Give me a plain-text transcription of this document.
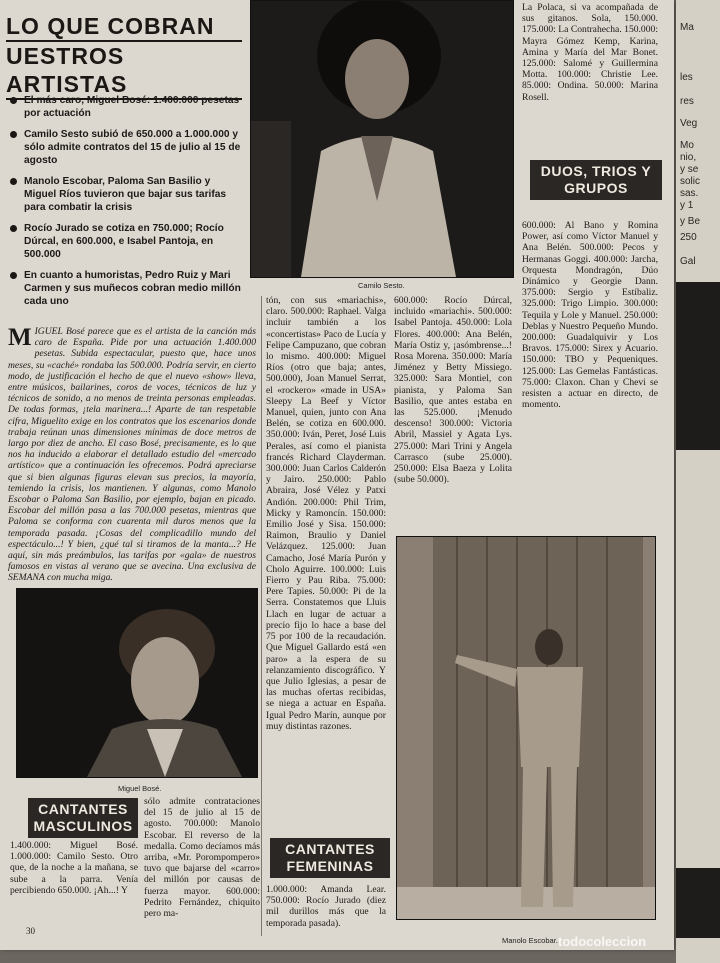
LO QUE COBRAN
UESTROS ARTISTAS
El más caro, Miguel Bosé: 1.400.000 pesetas por actuación
Camilo Sesto subió de 650.000 a 1.000.000 y sólo admite contratos del 15 de julio al 15 de agosto
Manolo Escobar, Paloma San Basilio y Miguel Ríos tuvieron que bajar sus tarifas para combatir la crisis
Rocío Jurado se cotiza en 750.000; Rocío Dúrcal, en 600.000, e Isabel Pantoja, en 500.000
En cuanto a humoristas, Pedro Ruiz y Mari Carmen y sus muñecos cobran medio millón cada uno
Camilo Sesto.
MIGUEL Bosé parece que es el artista de la canción más caro de España. Pide por una actuación 1.400.000 pesetas. Subida espectacular, puesto que, hace unos meses, su «caché» rondaba las 500.000. Podría servir, en cierto modo, de justificación el hecho de que el nuevo «show» lleva, entre músicos, bailarines, coros de voces, técnicos de luz y técnicos de sonido, a no menos de treinta personas empleadas. De todas formas, ¡tela marinera...! Aparte de tan respetable cifra, Miguelito exige en los contratos que los escenarios donde trabaja reúnan unas dimensiones mínimas de doce metros de largo por diez de ancho. El caso Bosé, precisamente, es lo que nos ha inducido a elaborar el detallado estudio del «mercado artístico» que a continuación les ofrecemos. Podrá apreciarse que si bien algunas figuras elevan sus precios, la mayoría, temiendo la crisis, los mantienen. Y algunas, como Manolo Escobar o Paloma San Basilio, por ejemplo, bajan en picado. Escobar del millón pasa a las 700.000 pesetas, mientras que Paloma se conforma con cuarenta mil duros menos que la temporada pasada. ¡Cosas del complicadillo mundo del espectáculo...! Y bien, ¿qué tal si tiramos de la manta...? He aquí, sin más preámbulos, las tarifas por «gala» de nuestros famosos en vistas al verano que se avecina. Una exclusiva de SEMANA con mucha miga.
Miguel Bosé.
CANTANTES MASCULINOS
1.400.000: Miguel Bosé. 1.000.000: Camilo Sesto. Otro que, de la noche a la mañana, se sube a la parra. Venía percibiendo 650.000. ¡Ah...! Y
sólo admite contrataciones del 15 de julio al 15 de agosto. 700.000: Manolo Escobar. El reverso de la medalla. Como decíamos más arriba, «Mr. Porompompero» tuvo que bajarse del «carro» del millón por causas de fuerza mayor. 600.000: Pedrito Fernández, chiquito pero ma-
tón, con sus «mariachis», claro. 500.000: Raphael. Valga incluir también a los «concertistas» Paco de Lucía y Felipe Campuzano, que cobran lo mismo. 400.000: Miguel Ríos (otro que baja; antes, 500.000), Joan Manuel Serrat, el «rockero» «made in USA» Sleepy La Beef y Víctor Manuel, quien, junto con Ana Belén, se cotiza en 600.000. 350.000: Iván, Peret, José Luis Perales, así como el pianista francés Richard Clayderman. 300.000: Juan Carlos Calderón y Jairo. 250.000: Pablo Abraira, José Vélez y Patxi Andión. 200.000: Phil Trim, Micky y Ramoncín. 150.000: Emilio José y Sisa. 150.000: Raimon, Braulio y Daniel Velázquez. 125.000: Juan Camacho, José María Purón y Cholo Aguirre. 100.000: Luis Fierro y Pau Riba. 75.000: Pere Tapies. 50.000: Pi de la Serra. Constatemos que Lluis Llach en lugar de actuar a precio fijo lo hace a base del 75 por 100 de la recaudación. Que Miguel Gallardo está «en paro» a la espera de su relanzamiento discográfico. Y que Julio Iglesias, a pesar de las muchas ofertas recibidas, se niega a actuar en España. Igual Pedro Marín, aunque por muy distintas razones.
CANTANTES FEMENINAS
1.000.000: Amanda Lear. 750.000: Rocío Jurado (diez mil durillos más que la temporada pasada).
600.000: Rocío Dúrcal, incluido «mariachi». 500.000: Isabel Pantoja. 450.000: Lola Flores. 400.000: Ana Belén, María Ostiz y, ¡asómbrense...! Rosa Morena. 350.000: María Jiménez y Betty Missiego. 325.000: Sara Montiel, con pianista, y Paloma San Basilio, que antes estaba en las 525.000. ¡Menudo descenso! 300.000: Victoria Abril, Massiel y Agata Lys. 275.000: Mari Trini y Angela Carrasco (sube 25.000). 250.000: Elsa Baeza y Lolita (sube 50.000).
La Polaca, si va acompañada de sus gitanos. Sola, 150.000. 175.000: La Contrahecha. 150.000: Mayra Gómez Kemp, Karina, Amina y María del Mar Bonet. 125.000: Salomé y Guillermina Motta. 100.000: Christie Lee. 85.000: Ondina. 50.000: Marina Rosell.
DUOS, TRIOS Y GRUPOS
600.000: Al Bano y Romina Power, así como Víctor Manuel y Ana Belén. 500.000: Pecos y Hermanas Goggi. 400.000: Jarcha, Orquesta Mondragón, Dúo Dinámico y Georgie Dann. 375.000: Sergio y Estíbaliz. 325.000: Trigo Limpio. 300.000: Tequila y Lole y Manuel. 250.000: Deblas y Nuestro Pequeño Mundo. 200.000: Guadalquivir y Los Bravos. 175.000: Sirex y Acuario. 150.000: TBO y Pequeniques. 125.000: Las Gemelas Fantásticas. 75.000: Claxon. Chan y Chevi se resisten a actuar en directo, de momento.
Manolo Escobar.
30
Ma
les
res
Veg
Mo
nio,
y se
solic
sas.
y 1
y Be
250
Gal
todocoleccion
